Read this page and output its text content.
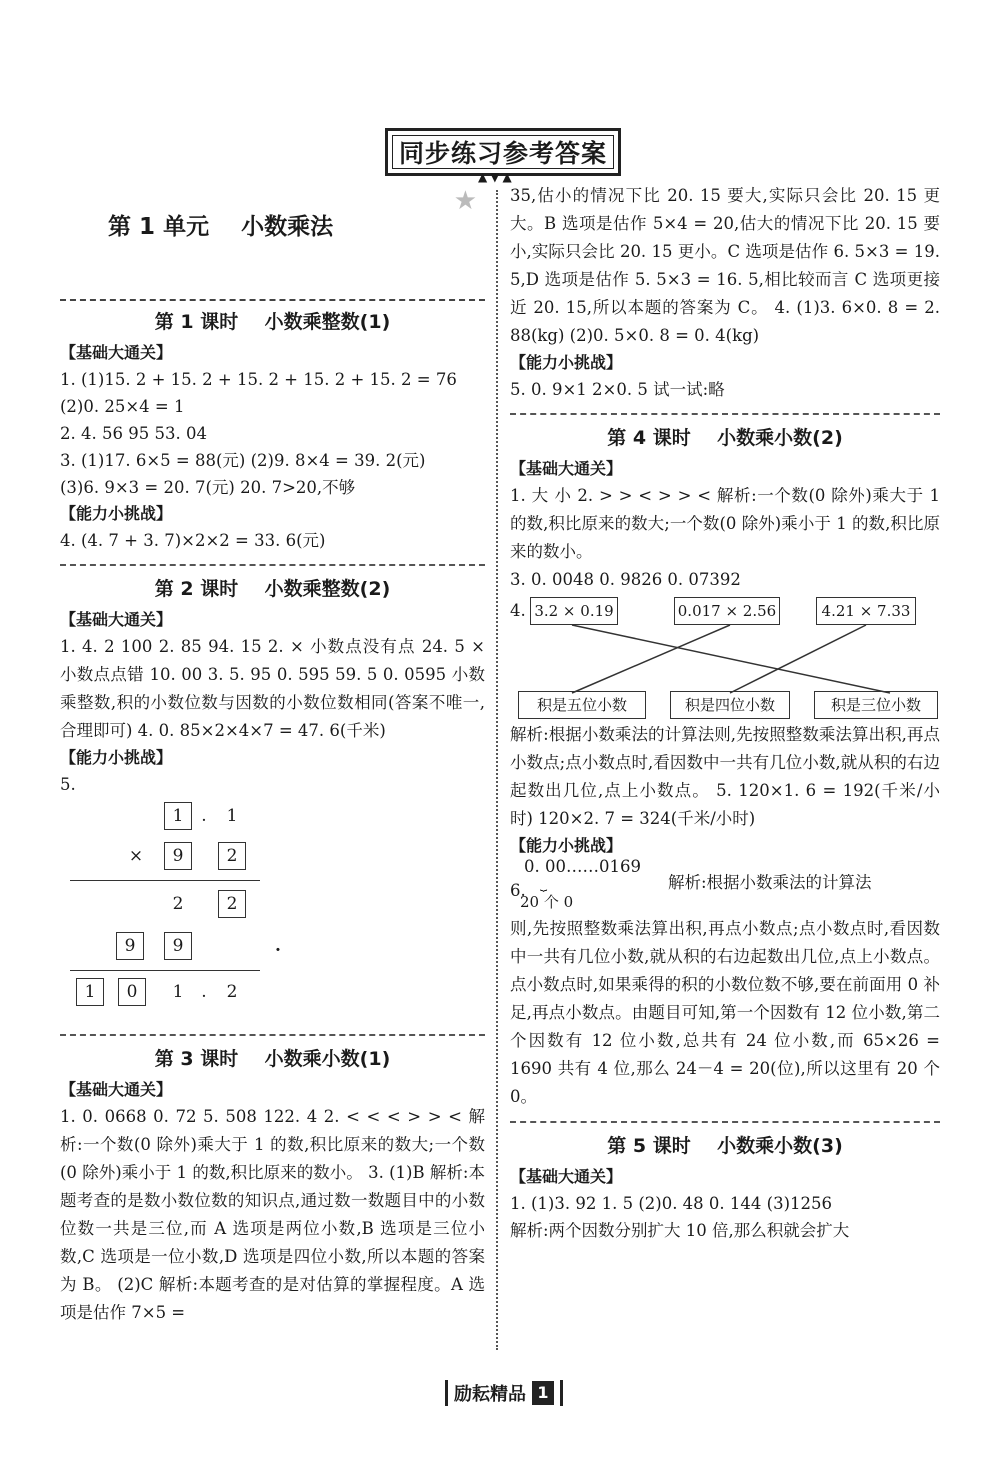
同步练习参考答案
▲▼▲

第 1 单元    小数乘法

★

第 1 课时    小数乘整数(1)
【基础大通关】
1. (1)15. 2 + 15. 2 + 15. 2 + 15. 2 + 15. 2 = 76
(2)0. 25×4 = 1
2. 4. 56 95 53. 04
3. (1)17. 6×5 = 88(元) (2)9. 8×4 = 39. 2(元)
(3)6. 9×3 = 20. 7(元) 20. 7>20,不够
【能力小挑战】
4. (4. 7 + 3. 7)×2×2 = 33. 6(元)
第 2 课时    小数乘整数(2)
【基础大通关】
1. 4. 2 100 2. 85 94. 15 2. × 小数点没有点 24. 5 × 小数点点错 10. 00 3. 5. 95 0. 595 59. 5 0. 0595 小数乘整数,积的小数位数与因数的小数位数相同(答案不唯一,合理即可) 4. 0. 85×2×4×7 = 47. 6(千米)
【能力小挑战】
5.
1	.	1
×	9	2
2	2
9	9	.
1	0	1	.	2
第 3 课时    小数乘小数(1)
【基础大通关】
1. 0. 0668 0. 72 5. 508 122. 4 2. < < < > > < 解析:一个数(0 除外)乘大于 1 的数,积比原来的数大;一个数(0 除外)乘小于 1 的数,积比原来的数小。 3. (1)B 解析:本题考查的是数小数位数的知识点,通过数一数题目中的小数位数一共是三位,而 A 选项是两位小数,B 选项是三位小数,C 选项是一位小数,D 选项是四位小数,所以本题的答案为 B。 (2)C 解析:本题考查的是对估算的掌握程度。A 选项是估作 7×5 =
35,估小的情况下比 20. 15 要大,实际只会比 20. 15 更大。B 选项是估作 5×4 = 20,估大的情况下比 20. 15 要小,实际只会比 20. 15 更小。C 选项是估作 6. 5×3 = 19. 5,D 选项是估作 5. 5×3 = 16. 5,相比较而言 C 选项更接近 20. 15,所以本题的答案为 C。 4. (1)3. 6×0. 8 = 2. 88(kg) (2)0. 5×0. 8 = 0. 4(kg)
【能力小挑战】
5. 0. 9×1 2×0. 5 试一试:略
第 4 课时    小数乘小数(2)
【基础大通关】
1. 大 小 2. > > < > > < 解析:一个数(0 除外)乘大于 1 的数,积比原来的数大;一个数(0 除外)乘小于 1 的数,积比原来的数小。
3. 0. 0048 0. 9826 0. 07392
4. 3.2 × 0.19	0.017 × 2.56	4.21 × 7.33
积是五位小数	积是四位小数	积是三位小数
解析:根据小数乘法的计算法则,先按照整数乘法算出积,再点小数点;点小数点时,看因数中一共有几位小数,就从积的右边起数出几位,点上小数点。 5. 120×1. 6 = 192(千米/小时) 120×2. 7 = 324(千米/小时)
【能力小挑战】
6.
0. 00……0169
⏟
20 个 0
解析:根据小数乘法的计算法
则,先按照整数乘法算出积,再点小数点;点小数点时,看因数中一共有几位小数,就从积的右边起数出几位,点上小数点。点小数点时,如果乘得的积的小数位数不够,要在前面用 0 补足,再点小数点。由题目可知,第一个因数有 12 位小数,第二个因数有 12 位小数,总共有 24 位小数,而 65×26 = 1690 共有 4 位,那么 24－4 = 20(位),所以这里有 20 个 0。
第 5 课时    小数乘小数(3)
【基础大通关】
1. (1)3. 92 1. 5 (2)0. 48 0. 144 (3)1256
解析:两个因数分别扩大 10 倍,那么积就会扩大
励耘精品 1
